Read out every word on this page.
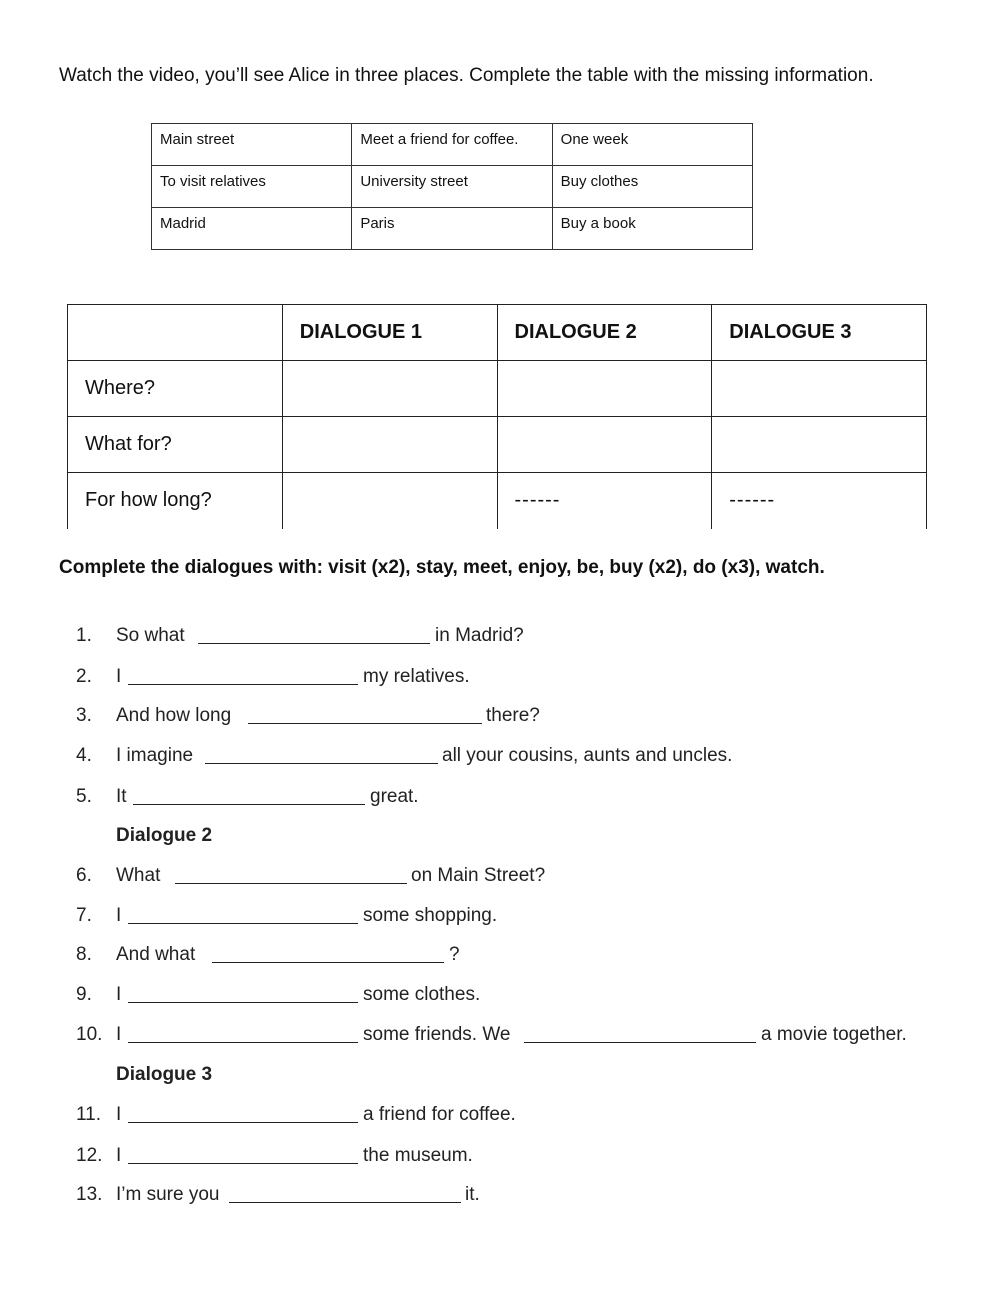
Watch the video, you’ll see Alice in three places. Complete the table with the missing information.
Main street	Meet a friend for coffee.	One week
To visit relatives	University street	Buy clothes
Madrid	Paris	Buy a book
	DIALOGUE 1	DIALOGUE 2	DIALOGUE 3
Where?			
What for?			
For how long?		------	------
Complete the dialogues with: visit (x2), stay, meet, enjoy, be, buy (x2), do (x3), watch.
1. So what	in Madrid?
2. I	my relatives.
3. And how long	there?
4. I imagine	all your cousins, aunts and uncles.
5. It	great.
Dialogue 2
6. What	on Main Street?
7. I	some shopping.
8. And what	?
9. I	some clothes.
10. I	some friends. We	a movie together.
Dialogue 3
11. I	a friend for coffee.
12. I	the museum.
13. I’m sure you	it.
